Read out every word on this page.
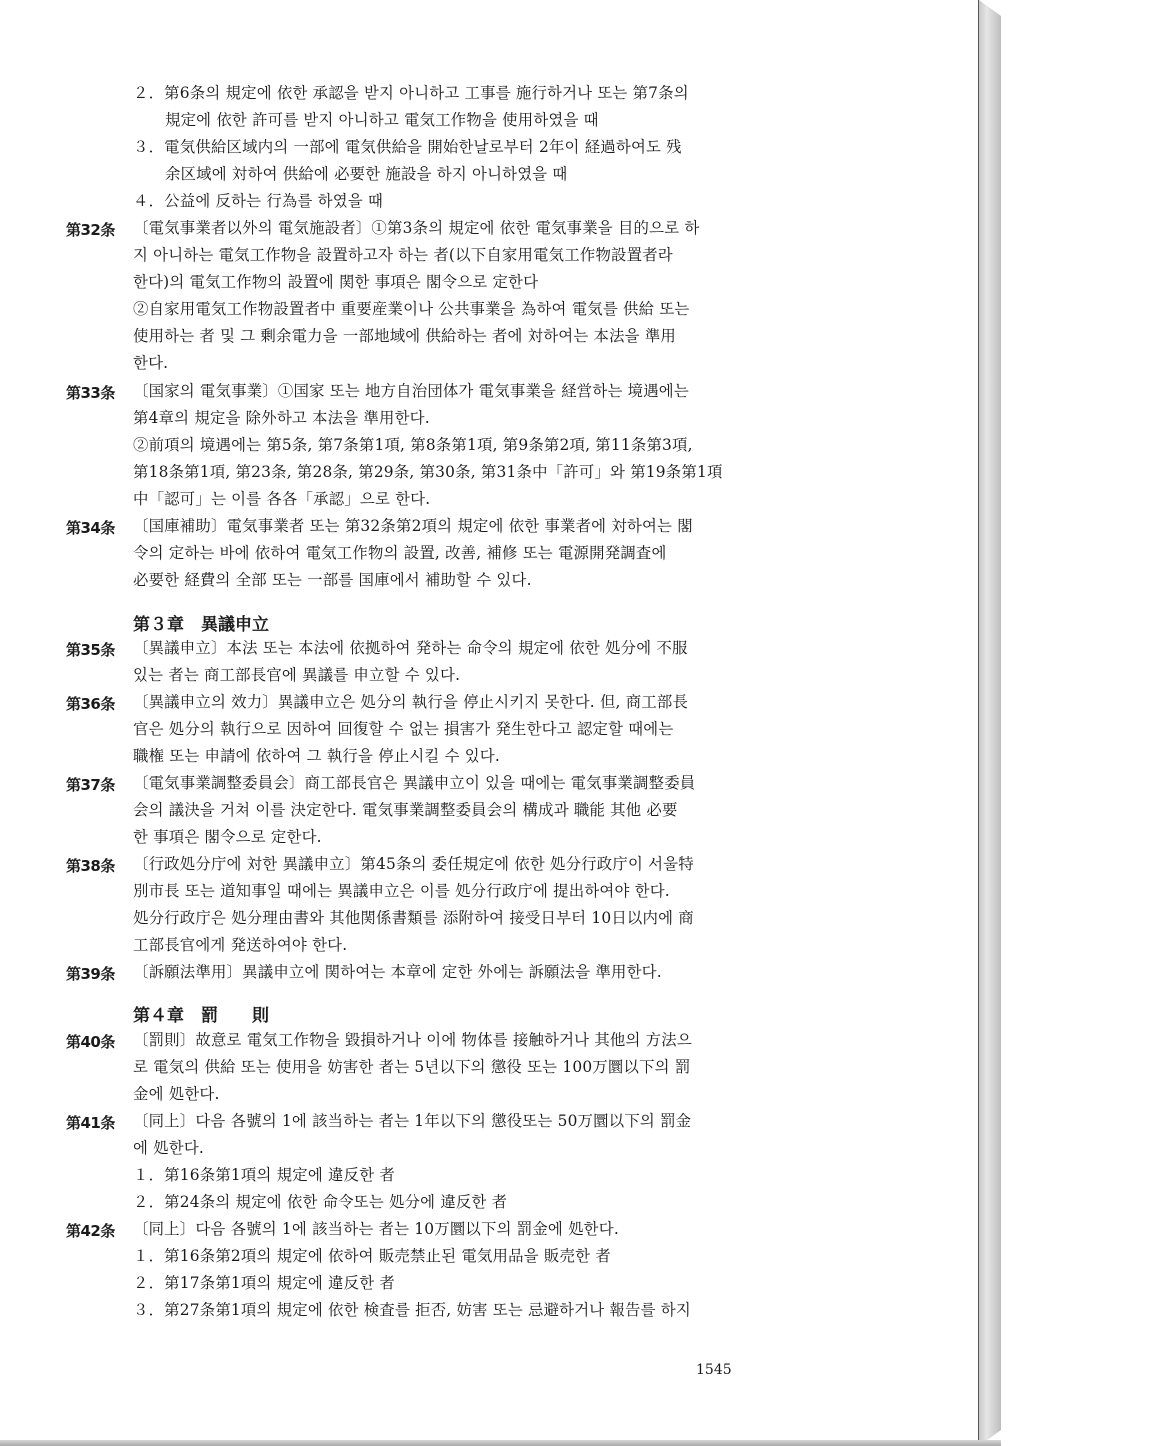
２．第6条의 規定에 依한 承認을 받지 아니하고 工事를 施行하거나 또는 第7条의
規定에 依한 許可를 받지 아니하고 電気工作物을 使用하였을 때
３．電気供給区域内의 一部에 電気供給을 開始한날로부터 2年이 経過하여도 残
余区域에 対하여 供給에 必要한 施設을 하지 아니하였을 때
４．公益에 反하는 行為를 하였을 때
第32条 〔電気事業者以外의 電気施設者〕①第3条의 規定에 依한 電気事業을 目的으로 하
지 아니하는 電気工作物을 設置하고자 하는 者(以下自家用電気工作物設置者라
한다)의 電気工作物의 設置에 関한 事項은 閣令으로 定한다
②自家用電気工作物設置者中 重要産業이나 公共事業을 為하여 電気를 供給 또는
使用하는 者 및 그 剰余電力을 一部地域에 供給하는 者에 対하여는 本法을 準用
한다.
第33条 〔国家의 電気事業〕①国家 또는 地方自治団体가 電気事業을 経営하는 境遇에는
第4章의 規定을 除外하고 本法을 準用한다.
②前項의 境遇에는 第5条, 第7条第1項, 第8条第1項, 第9条第2項, 第11条第3項,
第18条第1項, 第23条, 第28条, 第29条, 第30条, 第31条中「許可」와 第19条第1項
中「認可」는 이를 各各「承認」으로 한다.
第34条 〔国庫補助〕電気事業者 또는 第32条第2項의 規定에 依한 事業者에 対하여는 閣
令의 定하는 바에 依하여 電気工作物의 設置, 改善, 補修 또는 電源開発調査에
必要한 経費의 全部 또는 一部를 国庫에서 補助할 수 있다.
第３章　異議申立
第35条 〔異議申立〕本法 또는 本法에 依拠하여 発하는 命令의 規定에 依한 処分에 不服
있는 者는 商工部長官에 異議를 申立할 수 있다.
第36条 〔異議申立의 效力〕異議申立은 処分의 執行을 停止시키지 못한다. 但, 商工部長
官은 処分의 執行으로 因하여 回復할 수 없는 損害가 発生한다고 認定할 때에는
職権 또는 申請에 依하여 그 執行을 停止시킬 수 있다.
第37条 〔電気事業調整委員会〕商工部長官은 異議申立이 있을 때에는 電気事業調整委員
会의 議決을 거쳐 이를 決定한다. 電気事業調整委員会의 構成과 職能 其他 必要
한 事項은 閣令으로 定한다.
第38条 〔行政処分庁에 対한 異議申立〕第45条의 委任規定에 依한 処分行政庁이 서울特
別市長 또는 道知事일 때에는 異議申立은 이를 処分行政庁에 提出하여야 한다.
処分行政庁은 処分理由書와 其他関係書類를 添附하여 接受日부터 10日以内에 商
工部長官에게 発送하여야 한다.
第39条 〔訴願法準用〕異議申立에 関하여는 本章에 定한 外에는 訴願法을 準用한다.
第４章　罰　　則
第40条 〔罰則〕故意로 電気工作物을 毀損하거나 이에 物体를 接触하거나 其他의 方法으
로 電気의 供給 또는 使用을 妨害한 者는 5년以下의 懲役 또는 100万圜以下의 罰
金에 処한다.
第41条 〔同上〕다음 各號의 1에 該当하는 者는 1年以下의 懲役또는 50万圜以下의 罰金
에 処한다.
１．第16条第1項의 規定에 違反한 者
２．第24条의 規定에 依한 命令또는 処分에 違反한 者
第42条 〔同上〕다음 各號의 1에 該当하는 者는 10万圜以下의 罰金에 処한다.
１．第16条第2項의 規定에 依하여 販売禁止된 電気用品을 販売한 者
２．第17条第1項의 規定에 違反한 者
３．第27条第1項의 規定에 依한 検査를 拒否, 妨害 또는 忌避하거나 報告를 하지
1545
